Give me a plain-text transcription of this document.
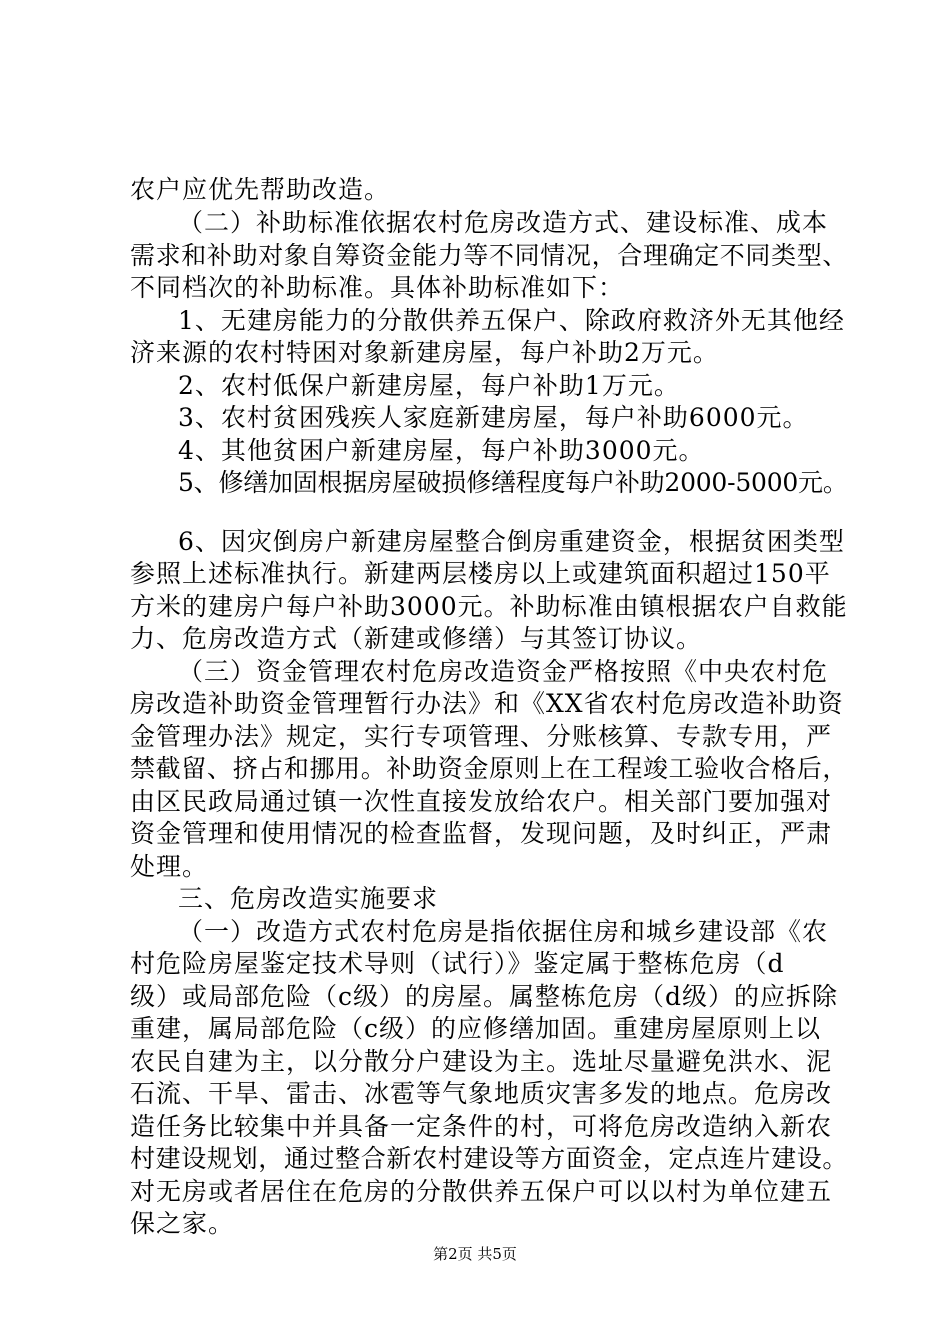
农户应优先帮助改造。
（二）补助标准依据农村危房改造方式、建设标准、成本
需求和补助对象自筹资金能力等不同情况，合理确定不同类型、
不同档次的补助标准。具体补助标准如下：
1、无建房能力的分散供养五保户、除政府救济外无其他经
济来源的农村特困对象新建房屋，每户补助2万元。
2、农村低保户新建房屋，每户补助1万元。
3、农村贫困残疾人家庭新建房屋，每户补助6000元。
4、其他贫困户新建房屋，每户补助3000元。
5、修缮加固根据房屋破损修缮程度每户补助2000-5000元。
6、因灾倒房户新建房屋整合倒房重建资金，根据贫困类型
参照上述标准执行。新建两层楼房以上或建筑面积超过150平
方米的建房户每户补助3000元。补助标准由镇根据农户自救能
力、危房改造方式（新建或修缮）与其签订协议。
（三）资金管理农村危房改造资金严格按照《中央农村危
房改造补助资金管理暂行办法》和《XX省农村危房改造补助资
金管理办法》规定，实行专项管理、分账核算、专款专用，严
禁截留、挤占和挪用。补助资金原则上在工程竣工验收合格后，
由区民政局通过镇一次性直接发放给农户。相关部门要加强对
资金管理和使用情况的检查监督，发现问题，及时纠正，严肃
处理。
三、危房改造实施要求
（一）改造方式农村危房是指依据住房和城乡建设部《农
村危险房屋鉴定技术导则（试行）》鉴定属于整栋危房（d
级）或局部危险（c级）的房屋。属整栋危房（d级）的应拆除
重建，属局部危险（c级）的应修缮加固。重建房屋原则上以
农民自建为主，以分散分户建设为主。选址尽量避免洪水、泥
石流、干旱、雷击、冰雹等气象地质灾害多发的地点。危房改
造任务比较集中并具备一定条件的村，可将危房改造纳入新农
村建设规划，通过整合新农村建设等方面资金，定点连片建设。
对无房或者居住在危房的分散供养五保户可以以村为单位建五
保之家。
第2页 共5页
